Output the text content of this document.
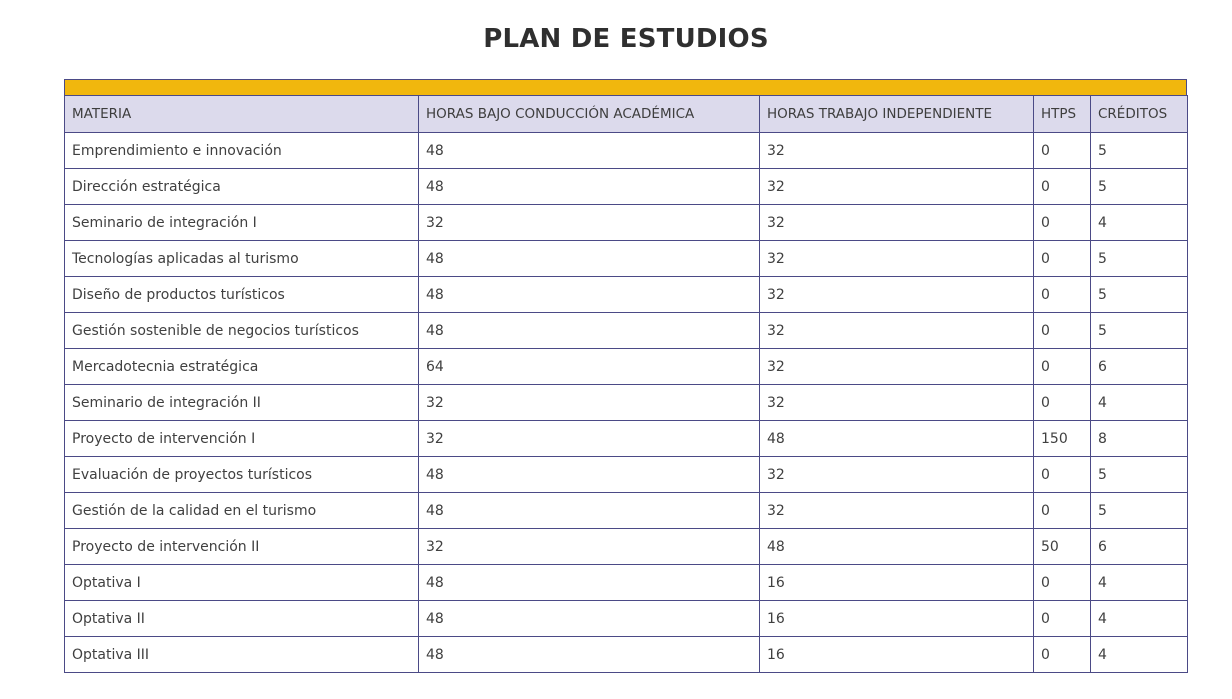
PLAN DE ESTUDIOS
MATERIA	HORAS BAJO CONDUCCIÓN ACADÉMICA	HORAS TRABAJO INDEPENDIENTE	HTPS	CRÉDITOS
Emprendimiento e innovación	48	32	0	5
Dirección estratégica	48	32	0	5
Seminario de integración I	32	32	0	4
Tecnologías aplicadas al turismo	48	32	0	5
Diseño de productos turísticos	48	32	0	5
Gestión sostenible de negocios turísticos	48	32	0	5
Mercadotecnia estratégica	64	32	0	6
Seminario de integración II	32	32	0	4
Proyecto de intervención I	32	48	150	8
Evaluación de proyectos turísticos	48	32	0	5
Gestión de la calidad en el turismo	48	32	0	5
Proyecto de intervención II	32	48	50	6
Optativa I	48	16	0	4
Optativa II	48	16	0	4
Optativa III	48	16	0	4
